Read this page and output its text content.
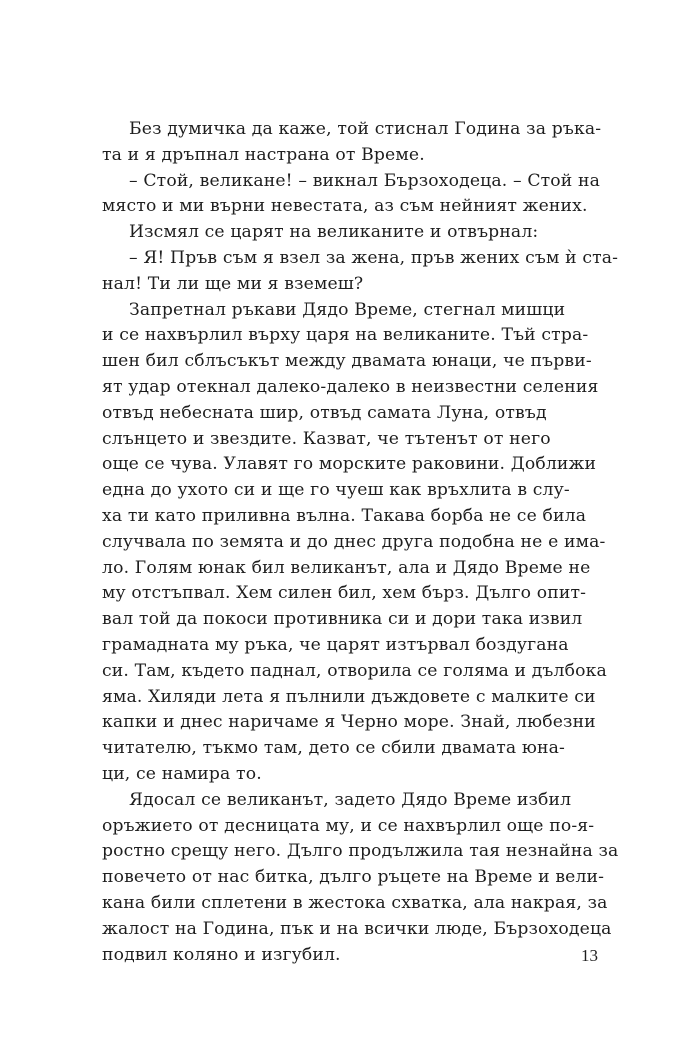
Без думичка да каже, той стиснал Година за ръка-
та и я дръпнал настрана от Време.
– Стой, великане! – викнал Бързоходеца. – Стой на
място и ми върни невестата, аз съм нейният жених.
Изсмял се царят на великаните и отвърнал:
– Я! Пръв съм я взел за жена, пръв жених съм ѝ ста-
нал! Ти ли ще ми я вземеш?
Запретнал ръкави Дядо Време, стегнал мишци
и се нахвърлил върху царя на великаните. Тъй стра-
шен бил сблъсъкът между двамата юнаци, че първи-
ят удар отекнал далеко-далеко в неизвестни селения
отвъд небесната шир, отвъд самата Луна, отвъд
слънцето и звездите. Казват, че тътенът от него
още се чува. Улавят го морските раковини. Доближи
една до ухото си и ще го чуеш как връхлита в слу-
ха ти като приливна вълна. Такава борба не се била
случвала по земята и до днес друга подобна не е има-
ло. Голям юнак бил великанът, ала и Дядо Време не
му отстъпвал. Хем силен бил, хем бърз. Дълго опит-
вал той да покоси противника си и дори така извил
грамадната му ръка, че царят изтървал боздугана
си. Там, където паднал, отворила се голяма и дълбока
яма. Хиляди лета я пълнили дъждовете с малките си
капки и днес наричаме я Черно море. Знай, любезни
читателю, тъкмо там, дето се сбили двамата юна-
ци, се намира то.
Ядосал се великанът, задето Дядо Време избил
оръжието от десницата му, и се нахвърлил още по-я-
ростно срещу него. Дълго продължила тая незнайна за
повечето от нас битка, дълго ръцете на Време и вели-
кана били сплетени в жестока схватка, ала накрая, за
жалост на Година, пък и на всички люде, Бързоходеца
подвил коляно и изгубил.	13
